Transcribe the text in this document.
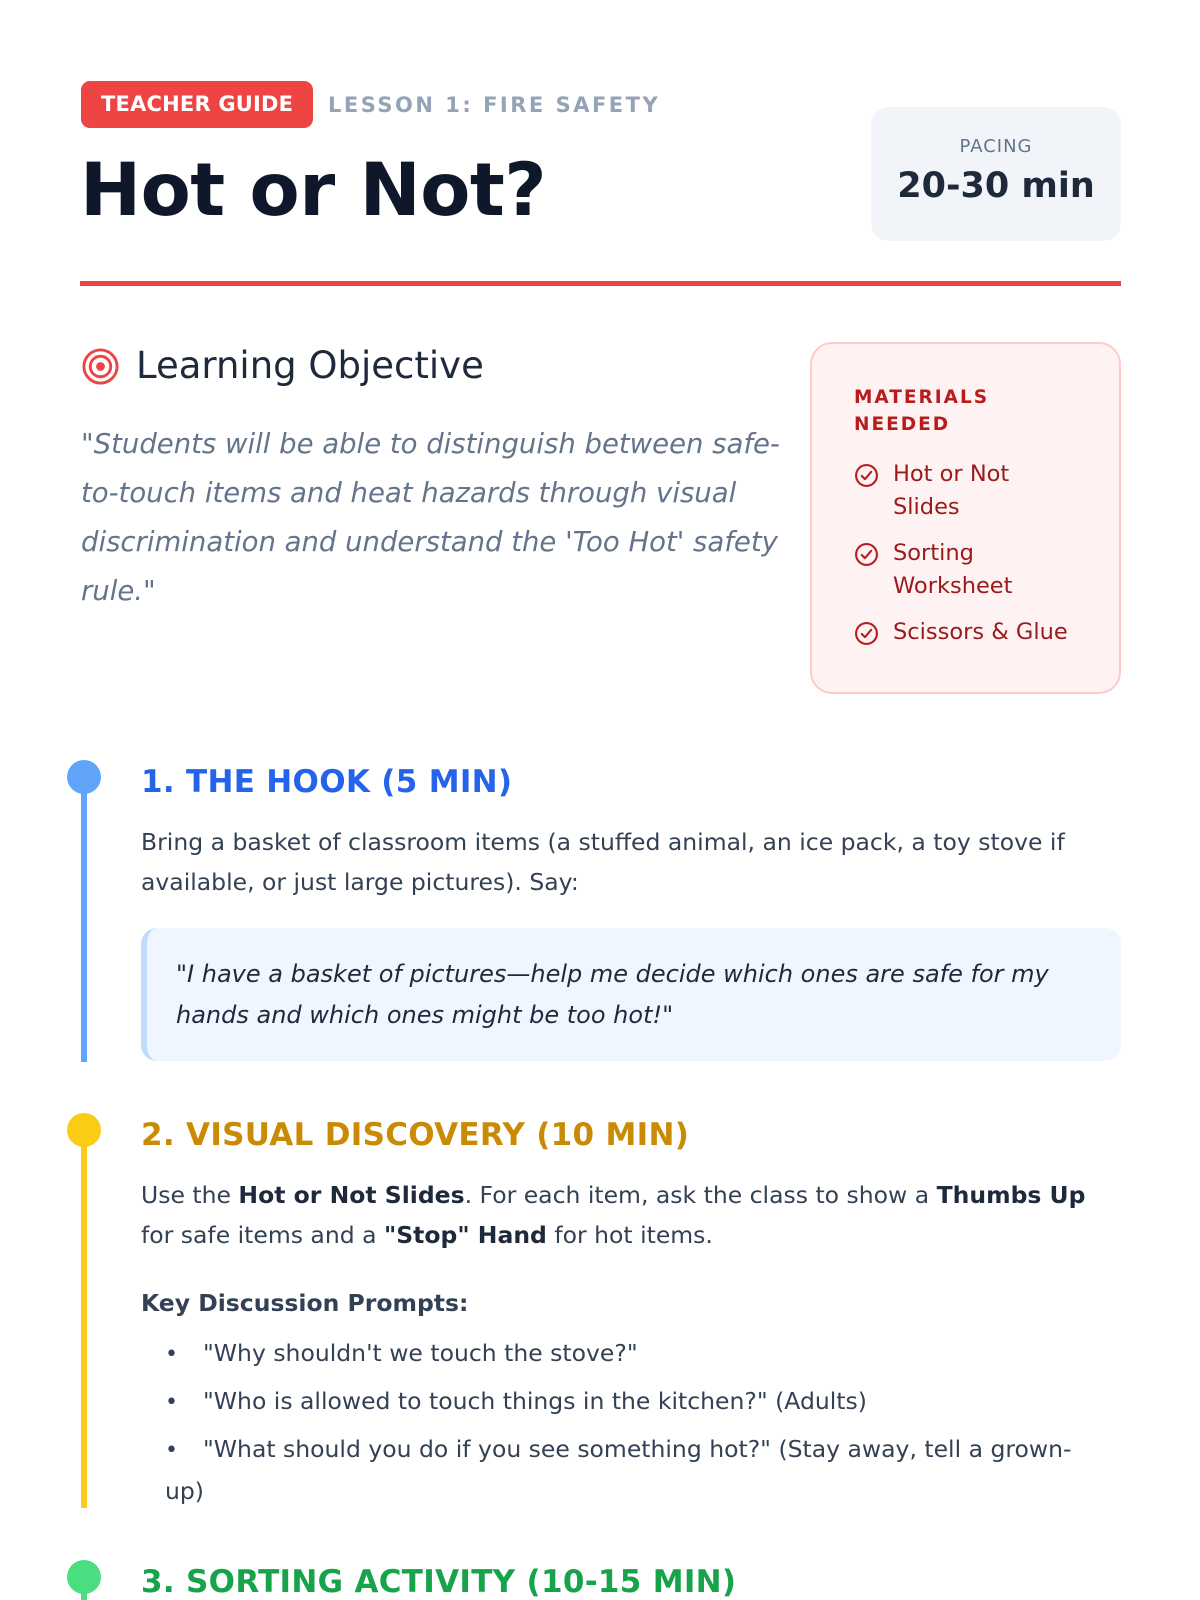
TEACHER GUIDE	LESSON 1: FIRE SAFETY
Hot or Not?
PACING
20-30 min
Learning Objective
"Students will be able to distinguish between safe-to-touch items and heat hazards through visual discrimination and understand the 'Too Hot' safety rule."
MATERIALS NEEDED
Hot or Not Slides
Sorting Worksheet
Scissors & Glue
1. THE HOOK (5 MIN)
Bring a basket of classroom items (a stuffed animal, an ice pack, a toy stove if available, or just large pictures). Say:
"I have a basket of pictures—help me decide which ones are safe for my hands and which ones might be too hot!"
2. VISUAL DISCOVERY (10 MIN)
Use the Hot or Not Slides. For each item, ask the class to show a Thumbs Up for safe items and a "Stop" Hand for hot items.
Key Discussion Prompts:
• "Why shouldn't we touch the stove?"
• "Who is allowed to touch things in the kitchen?" (Adults)
• "What should you do if you see something hot?" (Stay away, tell a grown-up)
3. SORTING ACTIVITY (10-15 MIN)
